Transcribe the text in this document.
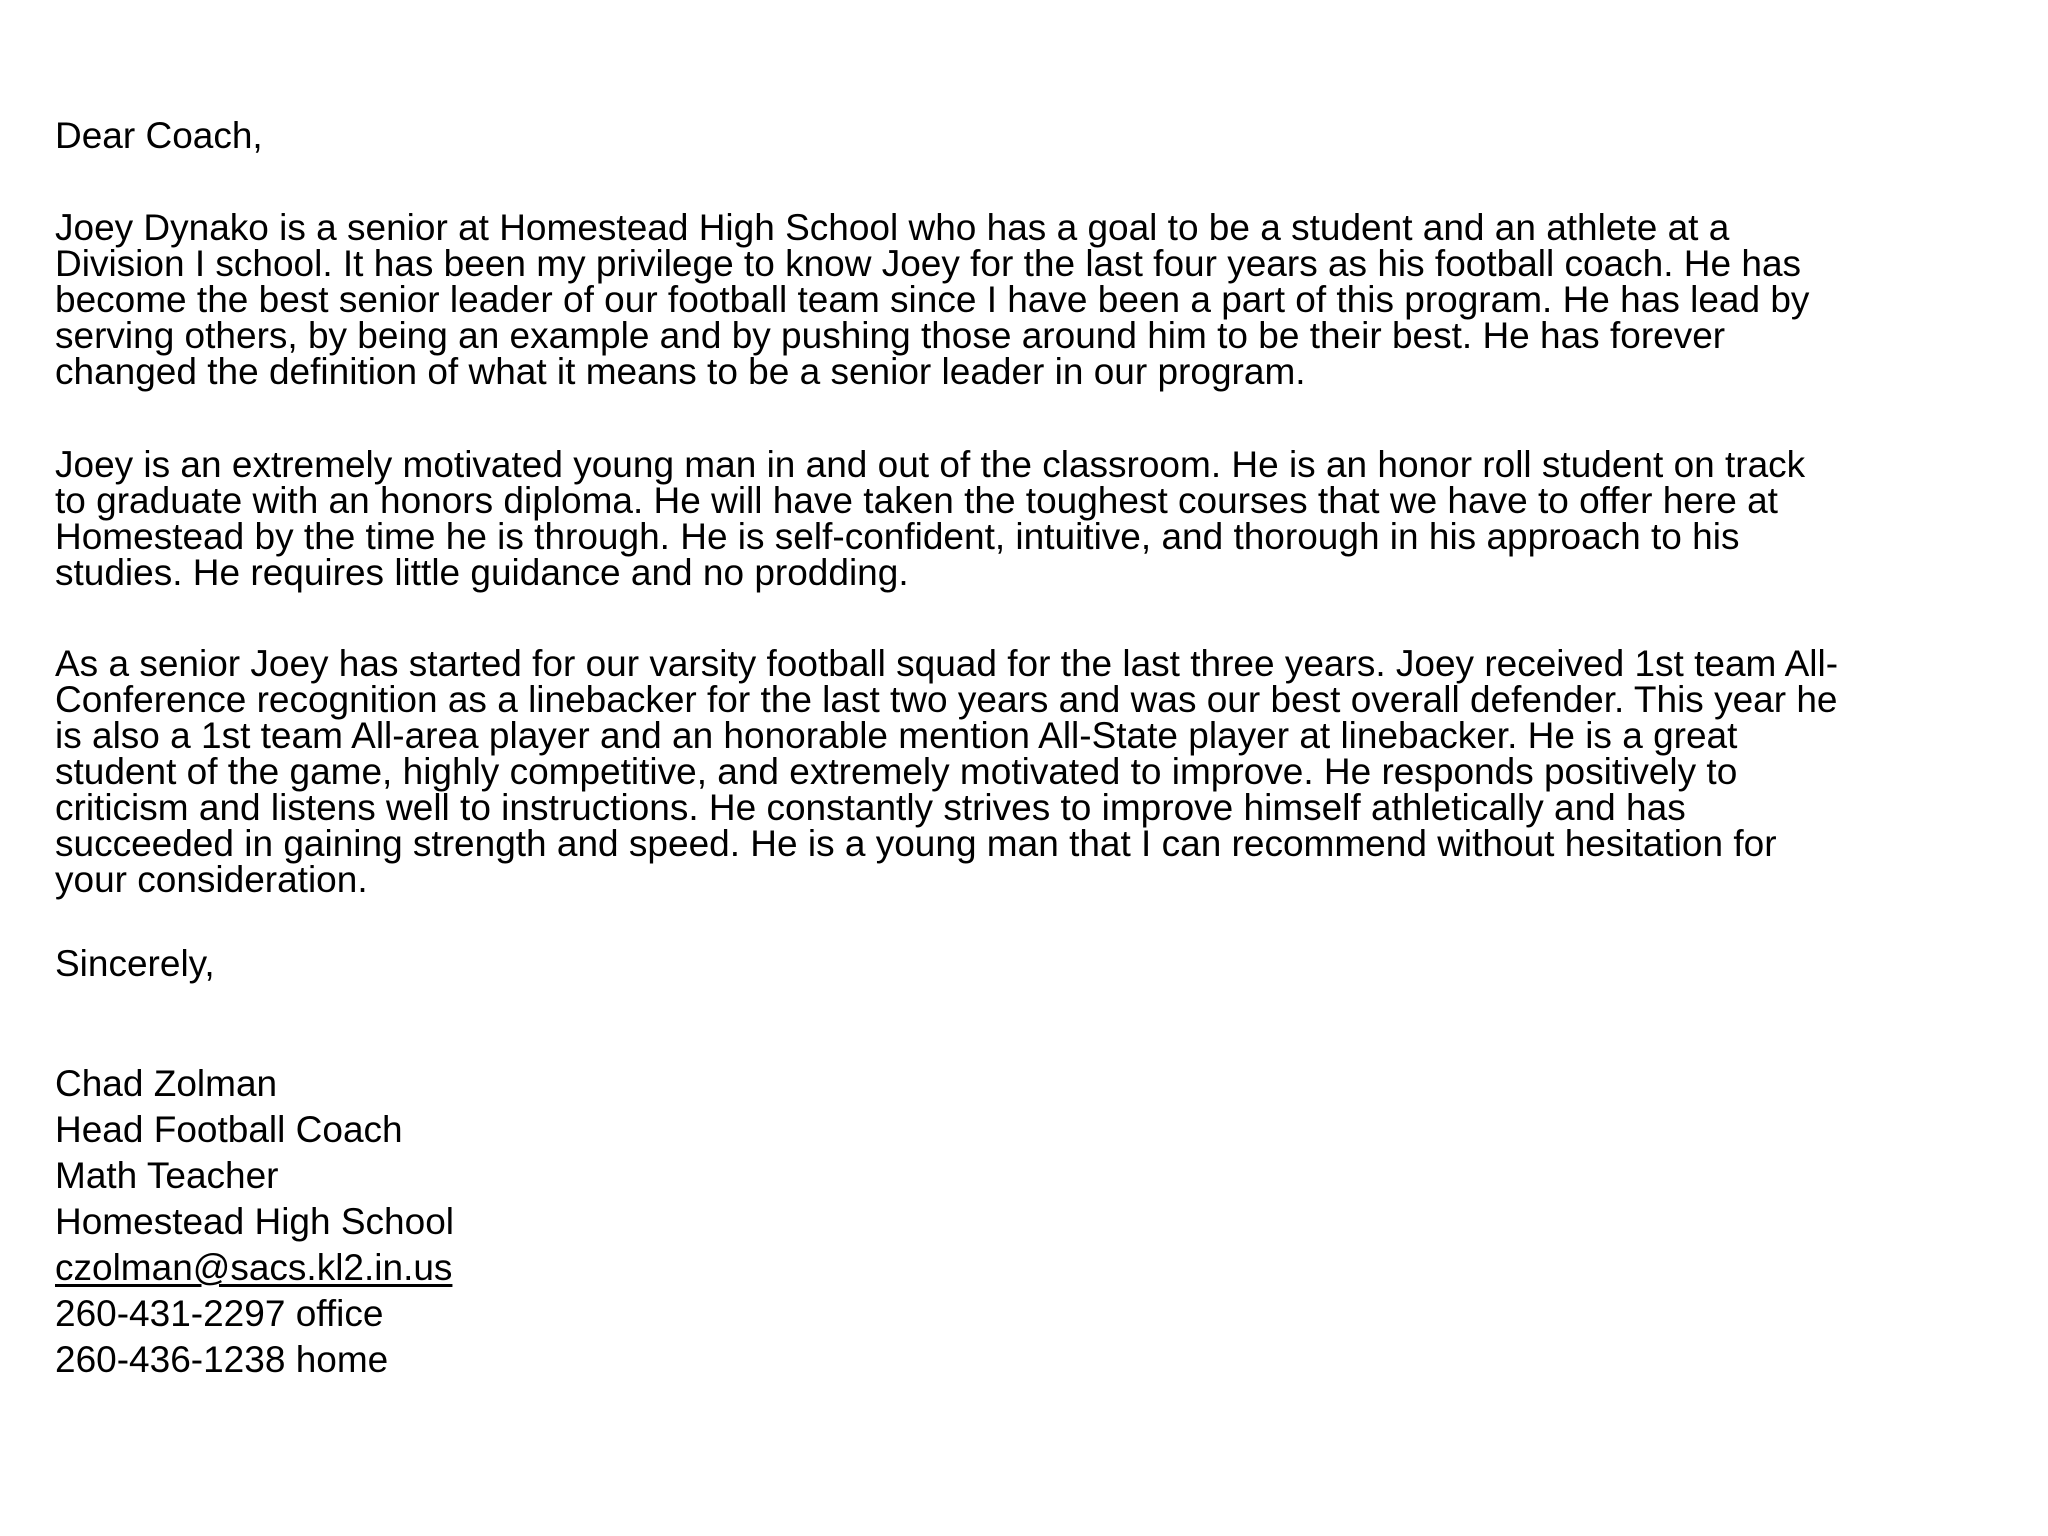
Dear Coach,

Joey Dynako is a senior at Homestead High School who has a goal to be a student and an athlete at a
Division I school. It has been my privilege to know Joey for the last four years as his football coach. He has
become the best senior leader of our football team since I have been a part of this program. He has lead by
serving others, by being an example and by pushing those around him to be their best. He has forever
changed the definition of what it means to be a senior leader in our program.

Joey is an extremely motivated young man in and out of the classroom. He is an honor roll student on track
to graduate with an honors diploma. He will have taken the toughest courses that we have to offer here at
Homestead by the time he is through. He is self-confident, intuitive, and thorough in his approach to his
studies. He requires little guidance and no prodding.

As a senior Joey has started for our varsity football squad for the last three years. Joey received 1st team All-
Conference recognition as a linebacker for the last two years and was our best overall defender. This year he
is also a 1st team All-area player and an honorable mention All-State player at linebacker. He is a great
student of the game, highly competitive, and extremely motivated to improve. He responds positively to
criticism and listens well to instructions. He constantly strives to improve himself athletically and has
succeeded in gaining strength and speed. He is a young man that I can recommend without hesitation for
your consideration.

Sincerely,
Chad Zolman
Head Football Coach
Math Teacher
Homestead High School
czolman@sacs.kl2.in.us
260-431-2297 office
260-436-1238 home
